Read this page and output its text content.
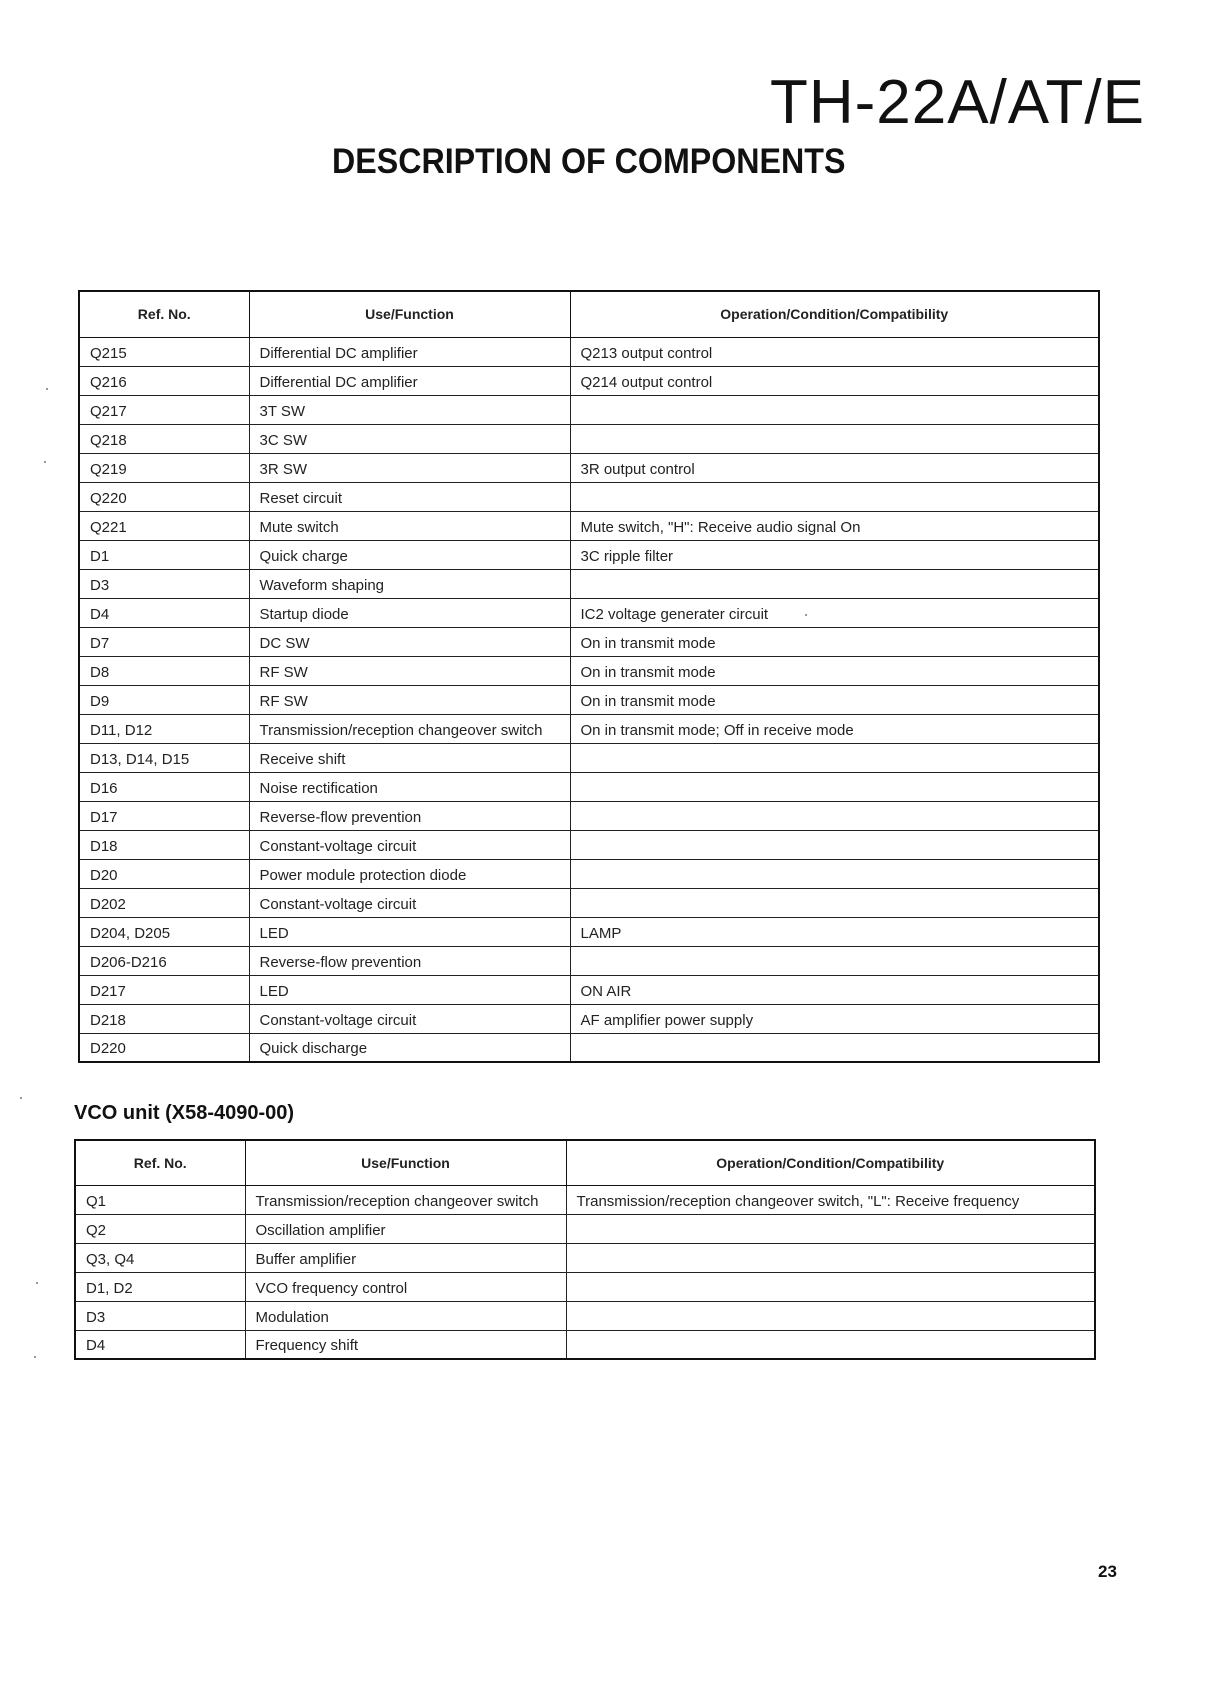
TH-22A/AT/E
DESCRIPTION OF COMPONENTS
Ref. No.	Use/Function	Operation/Condition/Compatibility
Q215	Differential DC amplifier	Q213 output control
Q216	Differential DC amplifier	Q214 output control
Q217	3T SW	
Q218	3C SW	
Q219	3R SW	3R output control
Q220	Reset circuit	
Q221	Mute switch	Mute switch, "H": Receive audio signal On
D1	Quick charge	3C ripple filter
D3	Waveform shaping	
D4	Startup diode	IC2 voltage generater circuit
D7	DC SW	On in transmit mode
D8	RF SW	On in transmit mode
D9	RF SW	On in transmit mode
D11, D12	Transmission/reception changeover switch	On in transmit mode; Off in receive mode
D13, D14, D15	Receive shift	
D16	Noise rectification	
D17	Reverse-flow prevention	
D18	Constant-voltage circuit	
D20	Power module protection diode	
D202	Constant-voltage circuit	
D204, D205	LED	LAMP
D206-D216	Reverse-flow prevention	
D217	LED	ON AIR
D218	Constant-voltage circuit	AF amplifier power supply
D220	Quick discharge	
VCO unit (X58-4090-00)
Ref. No.	Use/Function	Operation/Condition/Compatibility
Q1	Transmission/reception changeover switch	Transmission/reception changeover switch, "L": Receive frequency
Q2	Oscillation amplifier	
Q3, Q4	Buffer amplifier	
D1, D2	VCO frequency control	
D3	Modulation	
D4	Frequency shift	
23
